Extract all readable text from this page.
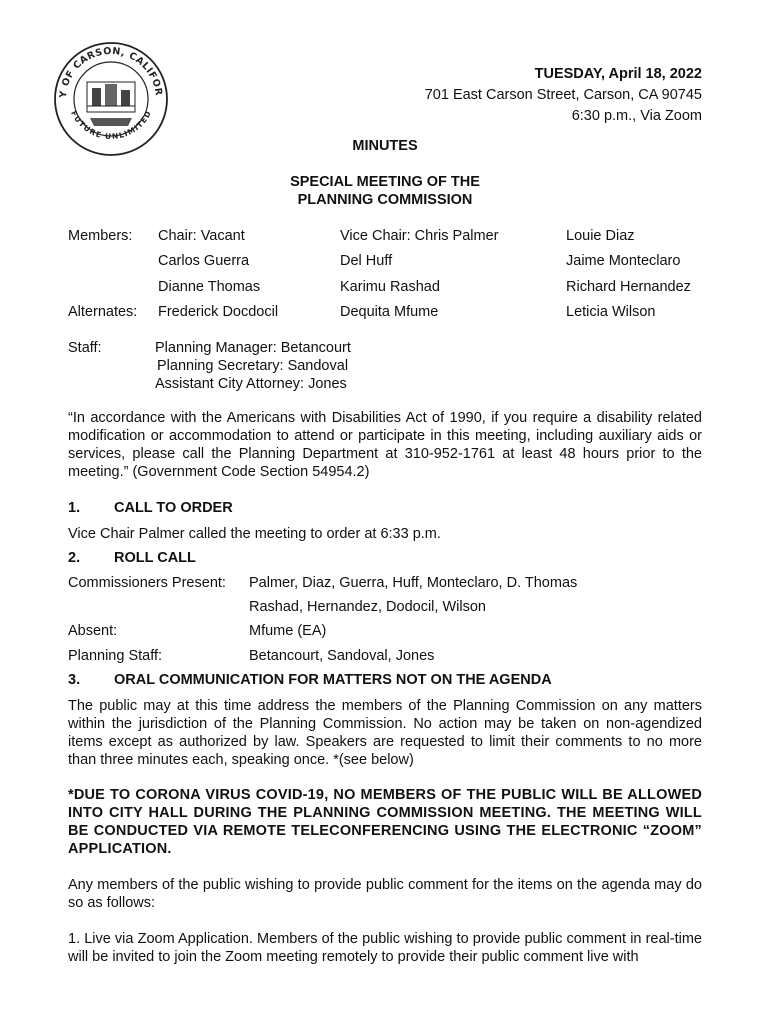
Y OF CARSON, CALIFOR
FUTURE UNLIMITED
TUESDAY, April 18, 2022
701 East Carson Street, Carson, CA 90745
6:30 p.m., Via Zoom
MINUTES
SPECIAL MEETING OF THE
PLANNING COMMISSION
Members: Chair: Vacant	Vice Chair: Chris Palmer	Louie Diaz
Carlos Guerra	Del Huff	Jaime Monteclaro
Dianne Thomas	Karimu Rashad	Richard Hernandez
Alternates: Frederick Docdocil	Dequita Mfume	Leticia Wilson
Staff:	Planning Manager: Betancourt
Planning Secretary: Sandoval
Assistant City Attorney: Jones
“In accordance with the Americans with Disabilities Act of 1990, if you require a disability related modification or accommodation to attend or participate in this meeting, including auxiliary aids or services, please call the Planning Department at 310-952-1761 at least 48 hours prior to the meeting.” (Government Code Section 54954.2)
1. CALL TO ORDER
Vice Chair Palmer called the meeting to order at 6:33 p.m.
2. ROLL CALL
Commissioners Present: Palmer, Diaz, Guerra, Huff, Monteclaro, D. Thomas
Rashad, Hernandez, Dodocil, Wilson
Absent:	Mfume (EA)
Planning Staff:	Betancourt, Sandoval, Jones
3. ORAL COMMUNICATION FOR MATTERS NOT ON THE AGENDA
The public may at this time address the members of the Planning Commission on any matters within the jurisdiction of the Planning Commission. No action may be taken on non-agendized items except as authorized by law. Speakers are requested to limit their comments to no more than three minutes each, speaking once. *(see below)
*DUE TO CORONA VIRUS COVID-19, NO MEMBERS OF THE PUBLIC WILL BE ALLOWED INTO CITY HALL DURING THE PLANNING COMMISSION MEETING. THE MEETING WILL BE CONDUCTED VIA REMOTE TELECONFERENCING USING THE ELECTRONIC “ZOOM” APPLICATION.
Any members of the public wishing to provide public comment for the items on the agenda may do so as follows:
1. Live via Zoom Application. Members of the public wishing to provide public comment in real-time will be invited to join the Zoom meeting remotely to provide their public comment live with
